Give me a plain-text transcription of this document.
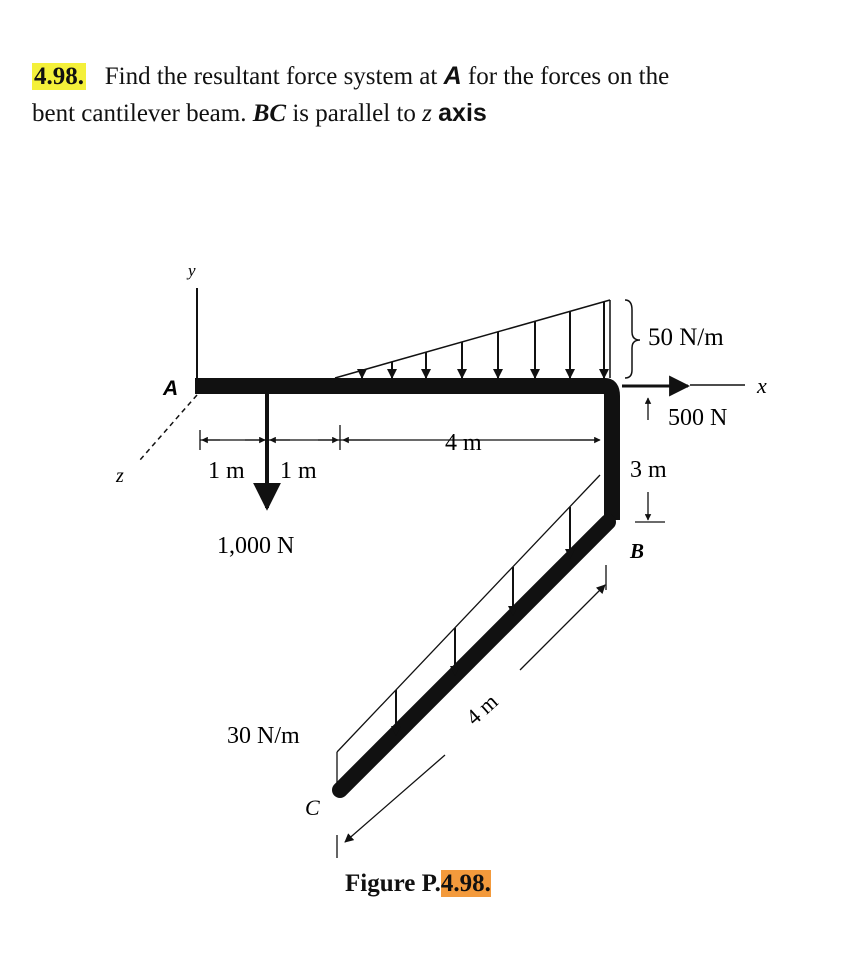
4.98. Find the resultant force system at A for the forces on the
bent cantilever beam. BC is parallel to z axis
y
A
z
x
50 N/m
500 N
4 m
1 m 1 m	3 m
B
1,000 N
30 N/m
C
4 m
Figure P.4.98.
